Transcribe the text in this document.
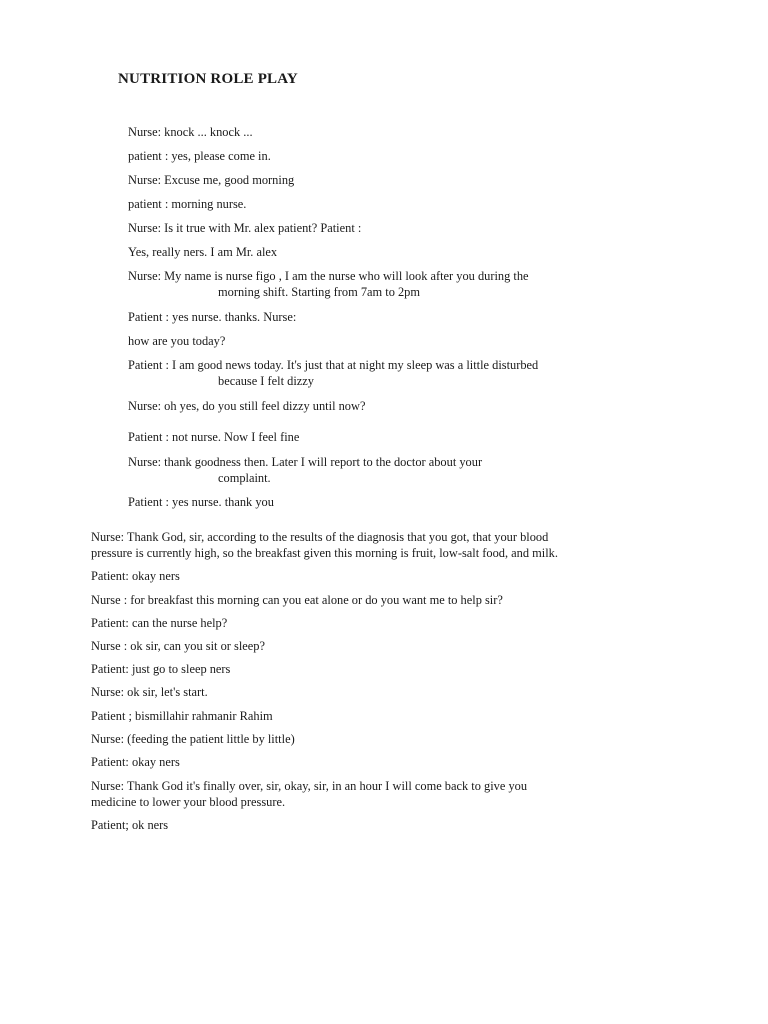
NUTRITION ROLE PLAY

Nurse: knock ... knock ...

patient : yes, please come in.

Nurse: Excuse me, good morning

patient : morning nurse.

Nurse: Is it true with Mr. alex patient? Patient :

Yes, really ners. I am Mr. alex

Nurse: My name is nurse figo , I am the nurse who will look after you during the
morning shift. Starting from 7am to 2pm

Patient : yes nurse. thanks. Nurse:

how are you today?

Patient : I am good news today. It's just that at night my sleep was a little disturbed
because I felt dizzy

Nurse: oh yes, do you still feel dizzy until now?

Patient : not nurse. Now I feel fine

Nurse: thank goodness then. Later I will report to the doctor about your
complaint.

Patient : yes nurse. thank you

Nurse: Thank God, sir, according to the results of the diagnosis that you got, that your blood
pressure is currently high, so the breakfast given this morning is fruit, low-salt food, and milk.

Patient: okay ners

Nurse : for breakfast this morning can you eat alone or do you want me to help sir?

Patient: can the nurse help?

Nurse : ok sir, can you sit or sleep?

Patient: just go to sleep ners

Nurse: ok sir, let's start.

Patient ; bismillahir rahmanir Rahim

Nurse: (feeding the patient little by little)

Patient: okay ners

Nurse: Thank God it's finally over, sir, okay, sir, in an hour I will come back to give you
medicine to lower your blood pressure.

Patient; ok ners
